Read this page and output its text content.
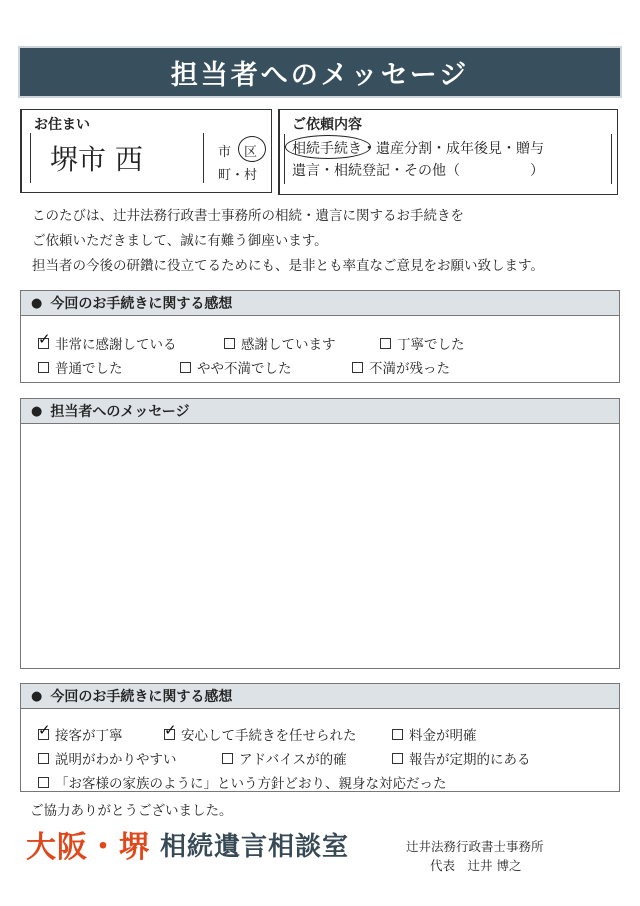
担当者へのメッセージ
お住まい
堺市 西	市 区
町・村
ご依頼内容
相続手続き・遺産分割・成年後見・贈与
遺言・相続登記・その他（　　　　　）
このたびは、辻井法務行政書士事務所の相続・遺言に関するお手続きを
ご依頼いただきまして、誠に有難う御座います。
担当者の今後の研鑽に役立てるためにも、是非とも率直なご意見をお願い致します。
● 今回のお手続きに関する感想
✓
非常に感謝している	感謝しています	丁寧でした
普通でした	やや不満でした	不満が残った
● 担当者へのメッセージ
● 今回のお手続きに関する感想
✓
接客が丁寧
✓	安心して手続きを任せられた	料金が明確
説明がわかりやすい	アドバイスが的確	報告が定期的にある
「お客様の家族のように」という方針どおり、親身な対応だった
ご協力ありがとうございました。
大阪・堺 相続遺言相談室	辻井法務行政書士事務所
代表　辻井 博之
